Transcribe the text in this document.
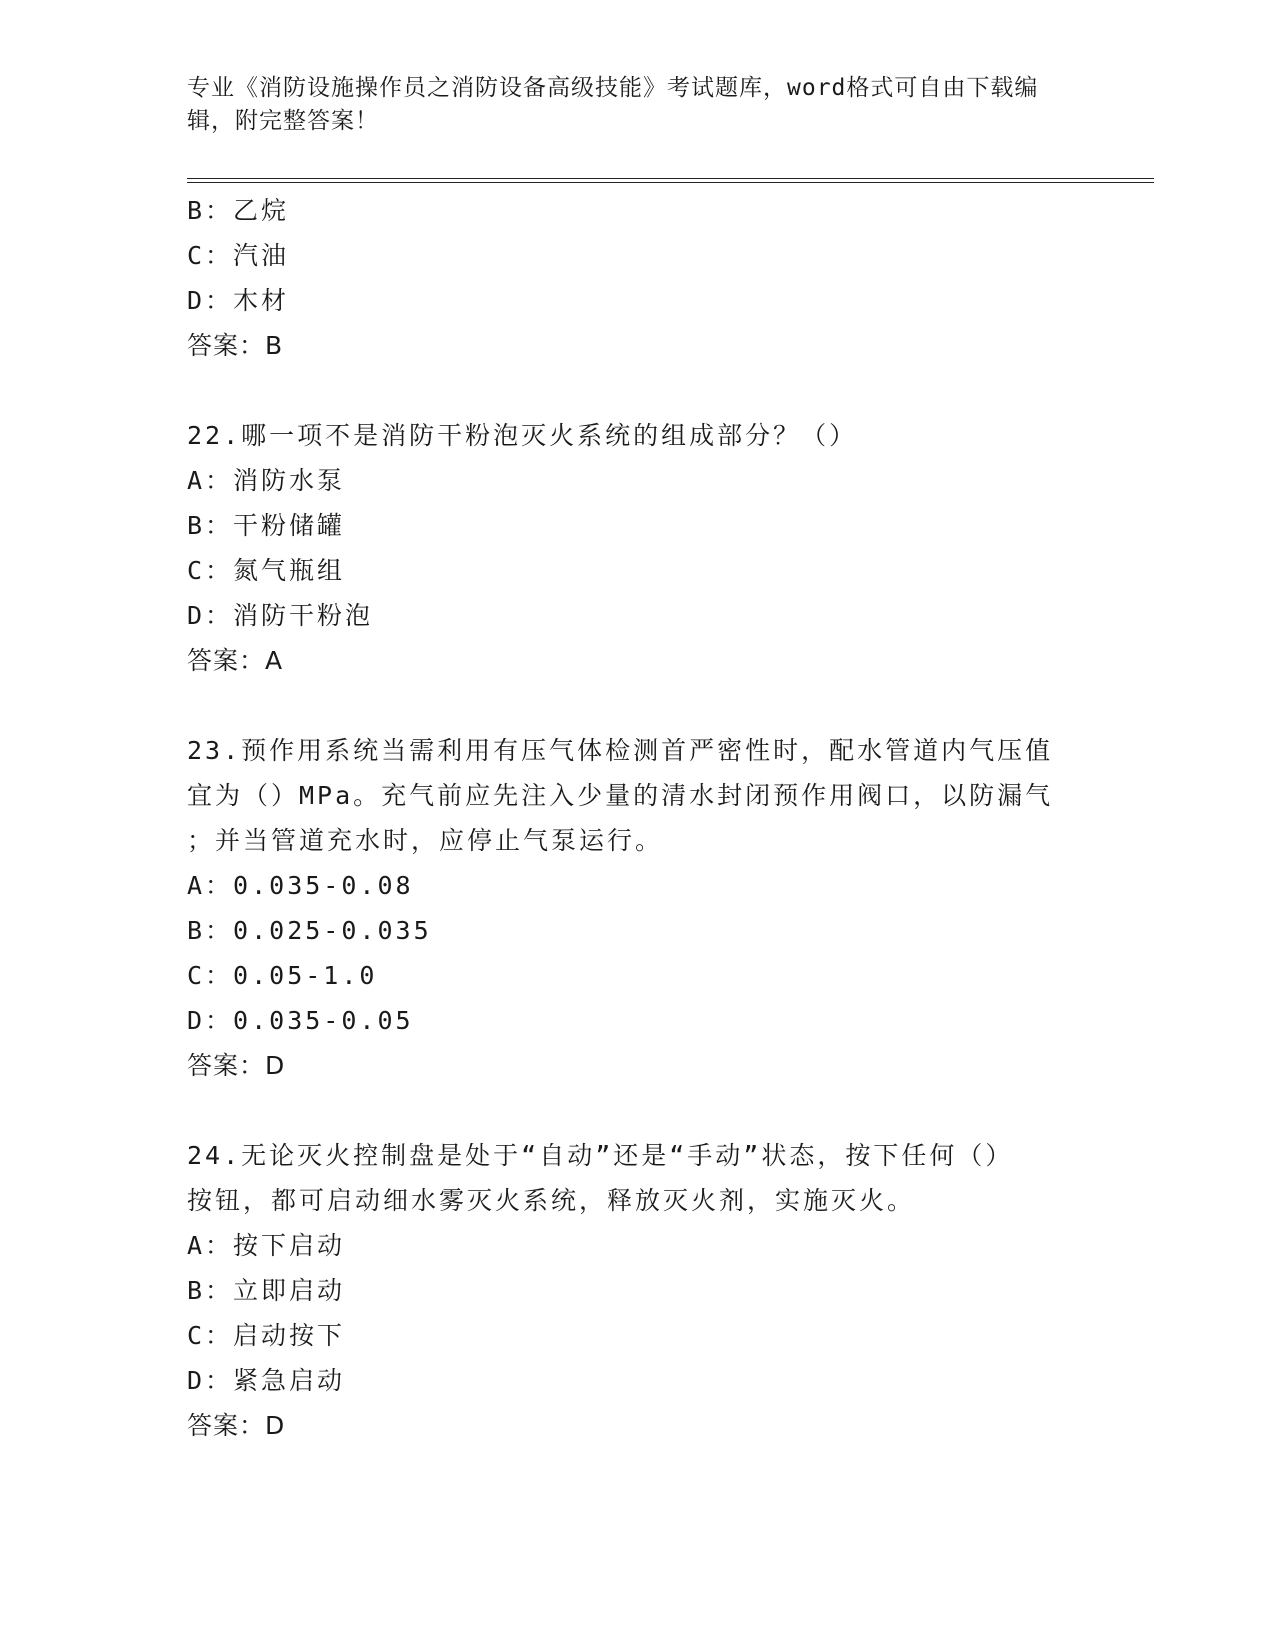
专业《消防设施操作员之消防设备高级技能》考试题库，word格式可自由下载编
辑，附完整答案！
B：乙烷
C：汽油
D：木材
答案：B
22.哪一项不是消防干粉泡灭火系统的组成部分？（）
A：消防水泵
B：干粉储罐
C：氮气瓶组
D：消防干粉泡
答案：A
23.预作用系统当需利用有压气体检测首严密性时，配水管道内气压值
宜为（）MPa。充气前应先注入少量的清水封闭预作用阀口，以防漏气
；并当管道充水时，应停止气泵运行。
A：0.035-0.08
B：0.025-0.035
C：0.05-1.0
D：0.035-0.05
答案：D
24.无论灭火控制盘是处于“自动”还是“手动”状态，按下任何（）
按钮，都可启动细水雾灭火系统，释放灭火剂，实施灭火。
A：按下启动
B：立即启动
C：启动按下
D：紧急启动
答案：D
